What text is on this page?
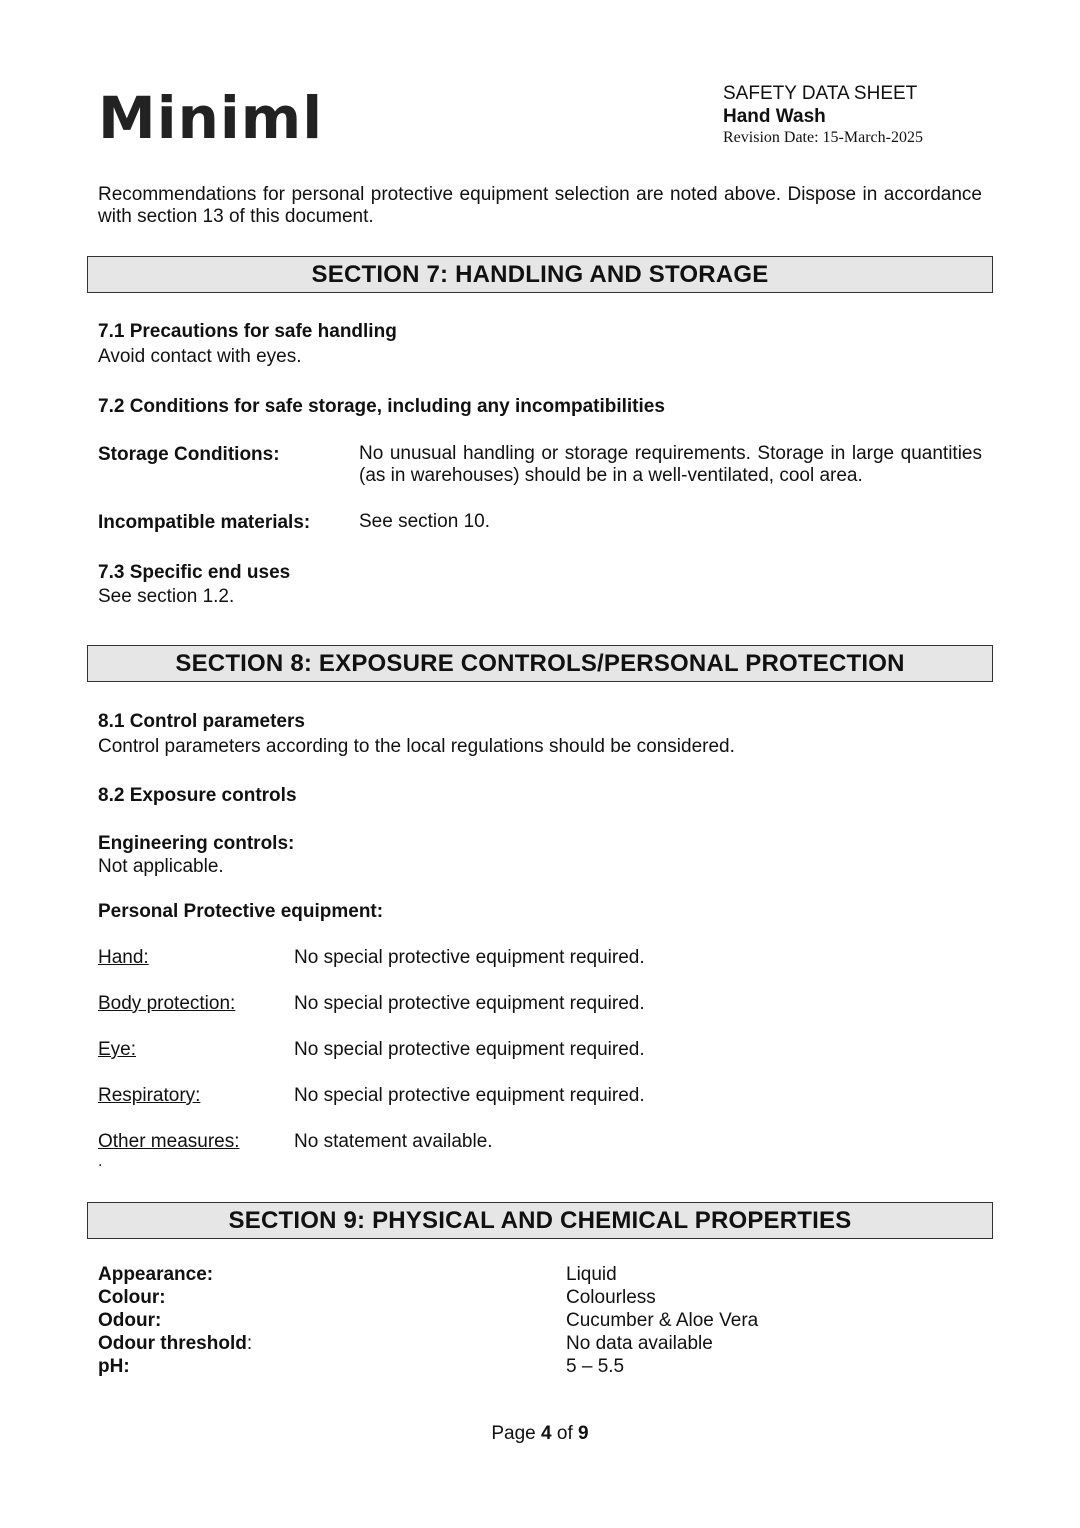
Miniml	SAFETY DATA SHEET
Hand Wash
Revision Date: 15-March-2025
Recommendations for personal protective equipment selection are noted above. Dispose in accordance with section 13 of this document.
SECTION 7: HANDLING AND STORAGE
7.1 Precautions for safe handling
Avoid contact with eyes.
7.2 Conditions for safe storage, including any incompatibilities
Storage Conditions:	No unusual handling or storage requirements. Storage in large quantities (as in warehouses) should be in a well-ventilated, cool area.
Incompatible materials:	See section 10.
7.3 Specific end uses
See section 1.2.
SECTION 8: EXPOSURE CONTROLS/PERSONAL PROTECTION
8.1 Control parameters
Control parameters according to the local regulations should be considered.
8.2 Exposure controls
Engineering controls:
Not applicable.
Personal Protective equipment:
Hand:	No special protective equipment required.
Body protection:	No special protective equipment required.
Eye:	No special protective equipment required.
Respiratory:	No special protective equipment required.
Other measures:	No statement available.
.
SECTION 9: PHYSICAL AND CHEMICAL PROPERTIES
Appearance:	Liquid
Colour:	Colourless
Odour:	Cucumber & Aloe Vera
Odour threshold:	No data available
pH:	5 – 5.5
Page 4 of 9
